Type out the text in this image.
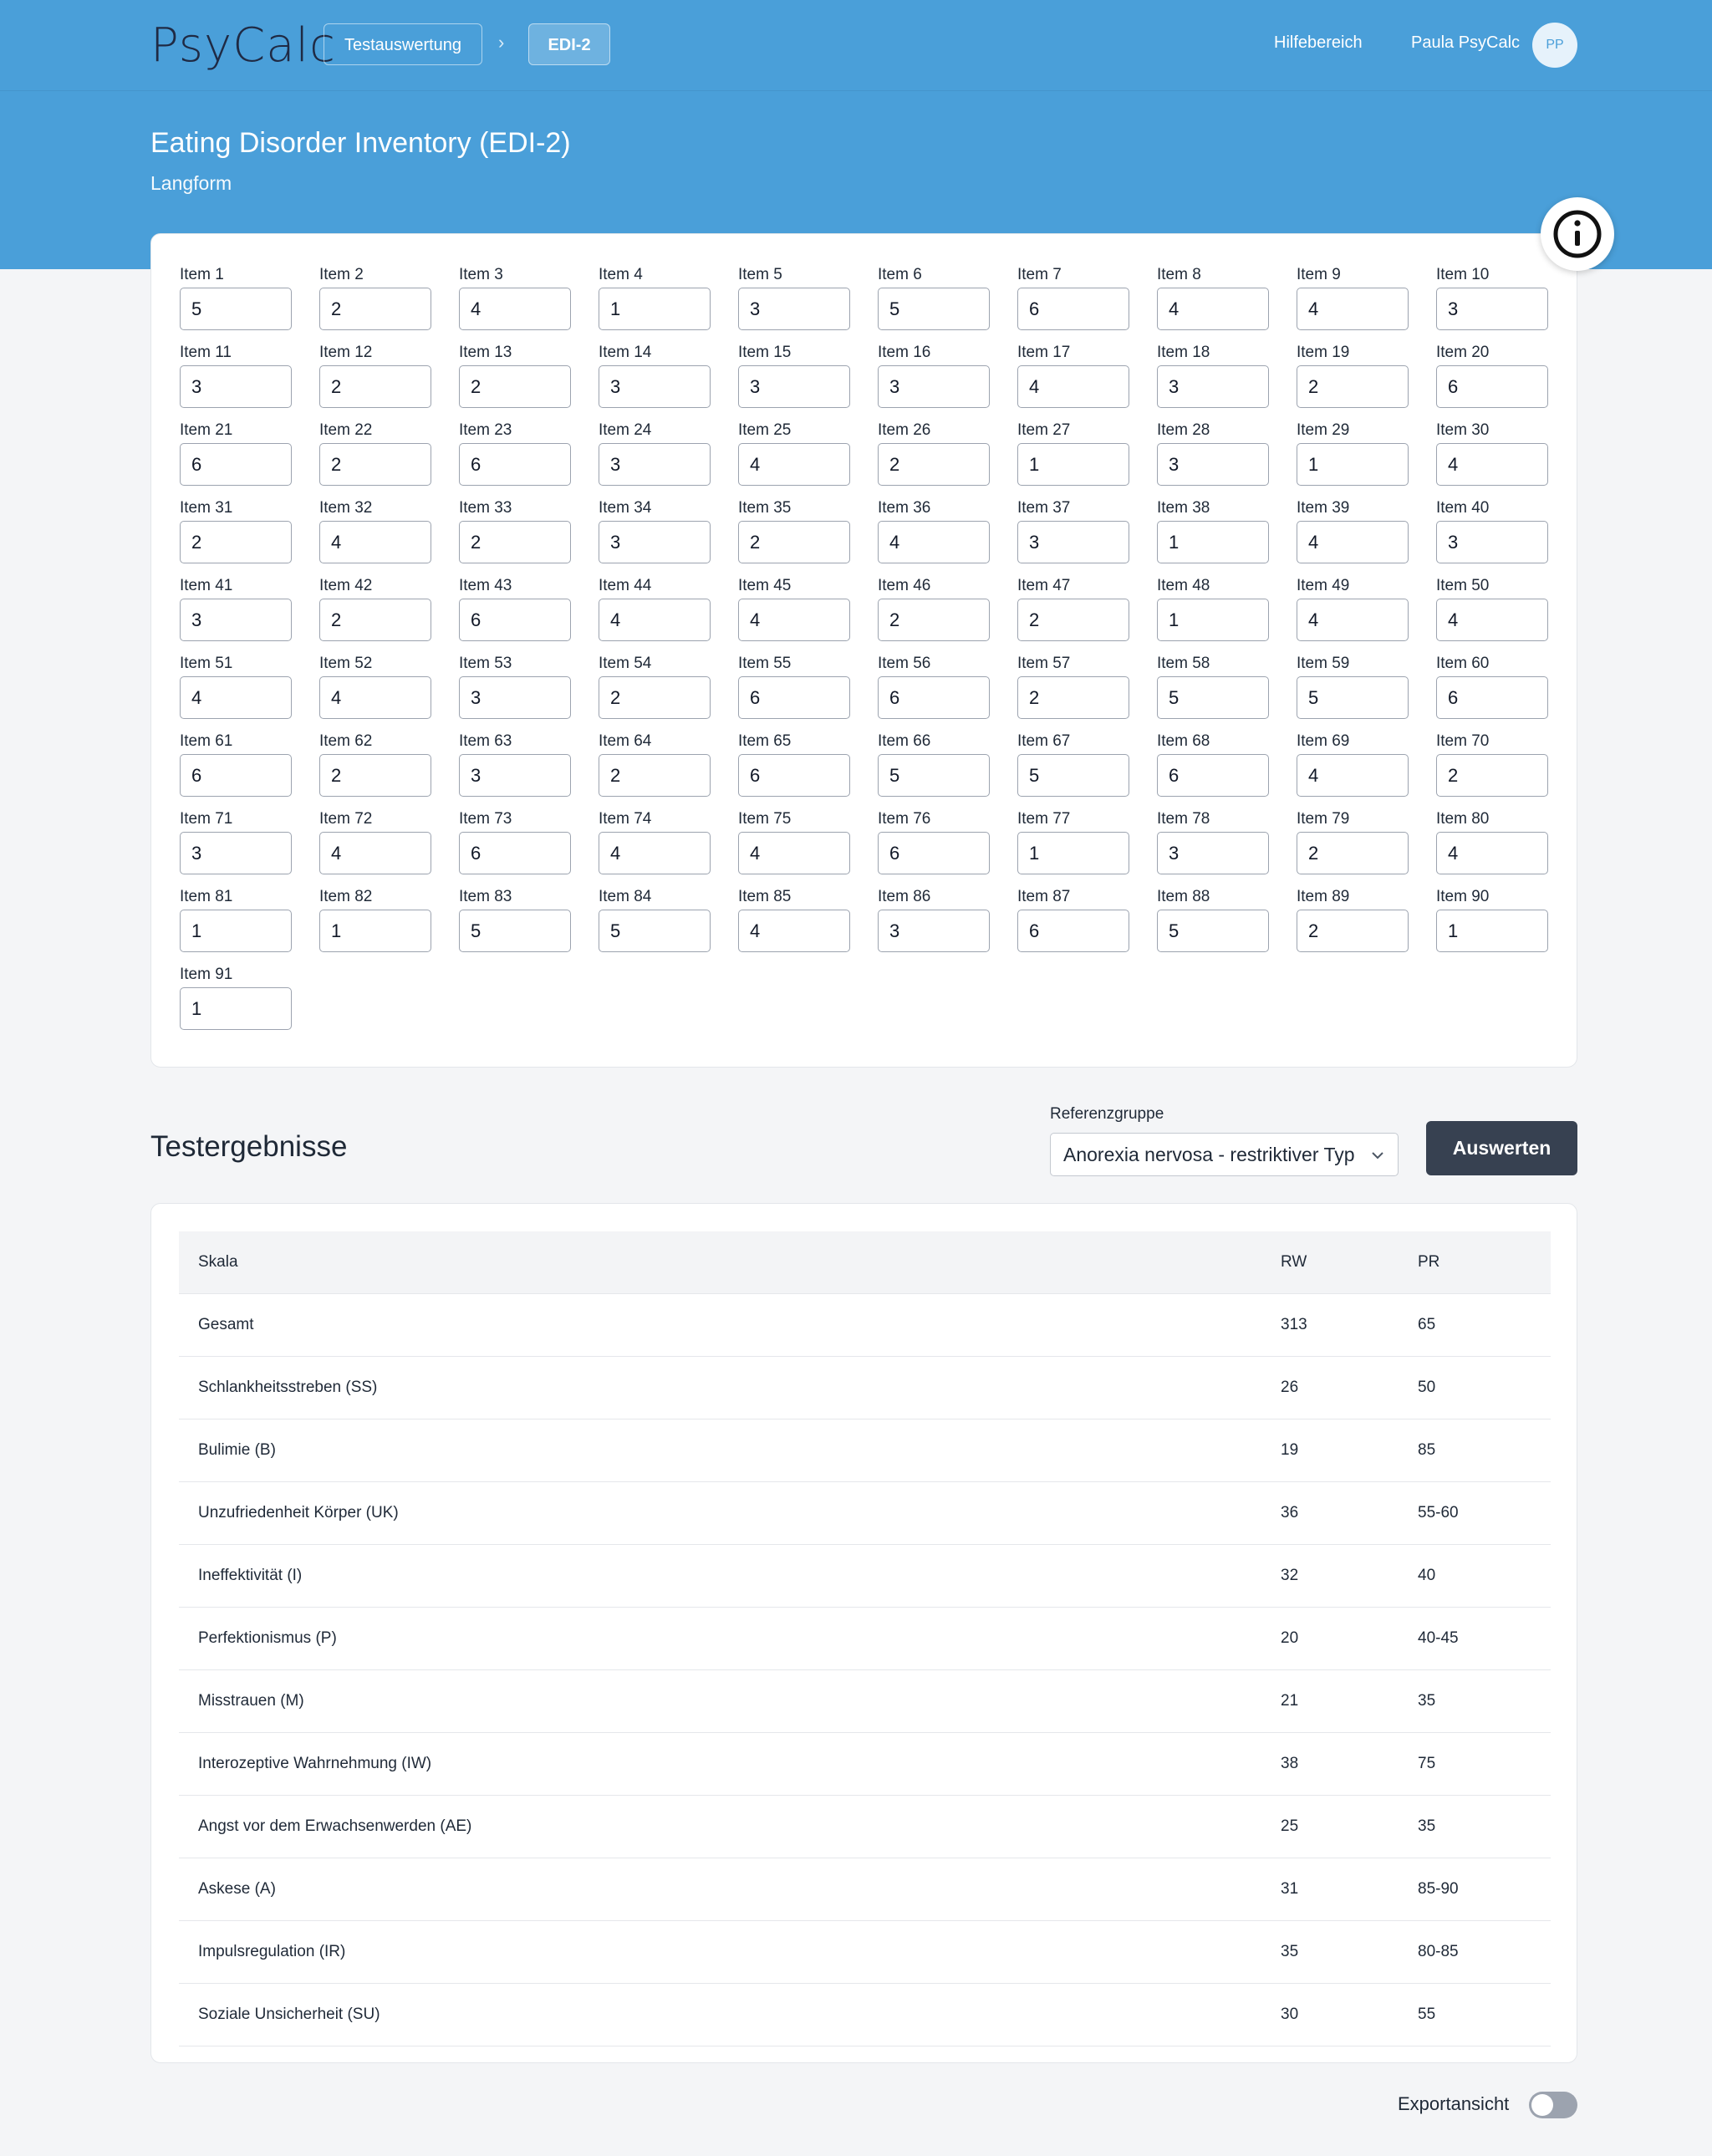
PsyCalc Testauswertung	›	EDI-2	Hilfebereich	Paula PsyCalc	PP
Eating Disorder Inventory (EDI-2)
Langform
Item 1
5	Item 2
2	Item 3
4	Item 4
1	Item 5
3	Item 6
5	Item 7
6	Item 8
4	Item 9
4	Item 10
3
Item 11
3	Item 12
2	Item 13
2	Item 14
3	Item 15
3	Item 16
3	Item 17
4	Item 18
3	Item 19
2	Item 20
6
Item 21
6	Item 22
2	Item 23
6	Item 24
3	Item 25
4	Item 26
2	Item 27
1	Item 28
3	Item 29
1	Item 30
4
Item 31
2	Item 32
4	Item 33
2	Item 34
3	Item 35
2	Item 36
4	Item 37
3	Item 38
1	Item 39
4	Item 40
3
Item 41
3	Item 42
2	Item 43
6	Item 44
4	Item 45
4	Item 46
2	Item 47
2	Item 48
1	Item 49
4	Item 50
4
Item 51
4	Item 52
4	Item 53
3	Item 54
2	Item 55
6	Item 56
6	Item 57
2	Item 58
5	Item 59
5	Item 60
6
Item 61
6	Item 62
2	Item 63
3	Item 64
2	Item 65
6	Item 66
5	Item 67
5	Item 68
6	Item 69
4	Item 70
2
Item 71
3	Item 72
4	Item 73
6	Item 74
4	Item 75
4	Item 76
6	Item 77
1	Item 78
3	Item 79
2	Item 80
4
Item 81
1	Item 82
1	Item 83
5	Item 84
5	Item 85
4	Item 86
3	Item 87
6	Item 88
5	Item 89
2	Item 90
1
Item 91
1
Testergebnisse
Referenzgruppe
Anorexia nervosa - restriktiver Typ	Auswerten
Skala	RW	PR
Gesamt	313	65
Schlankheitsstreben (SS)	26	50
Bulimie (B)	19	85
Unzufriedenheit Körper (UK)	36	55-60
Ineffektivität (I)	32	40
Perfektionismus (P)	20	40-45
Misstrauen (M)	21	35
Interozeptive Wahrnehmung (IW)	38	75
Angst vor dem Erwachsenwerden (AE)	25	35
Askese (A)	31	85-90
Impulsregulation (IR)	35	80-85
Soziale Unsicherheit (SU)	30	55
Exportansicht
